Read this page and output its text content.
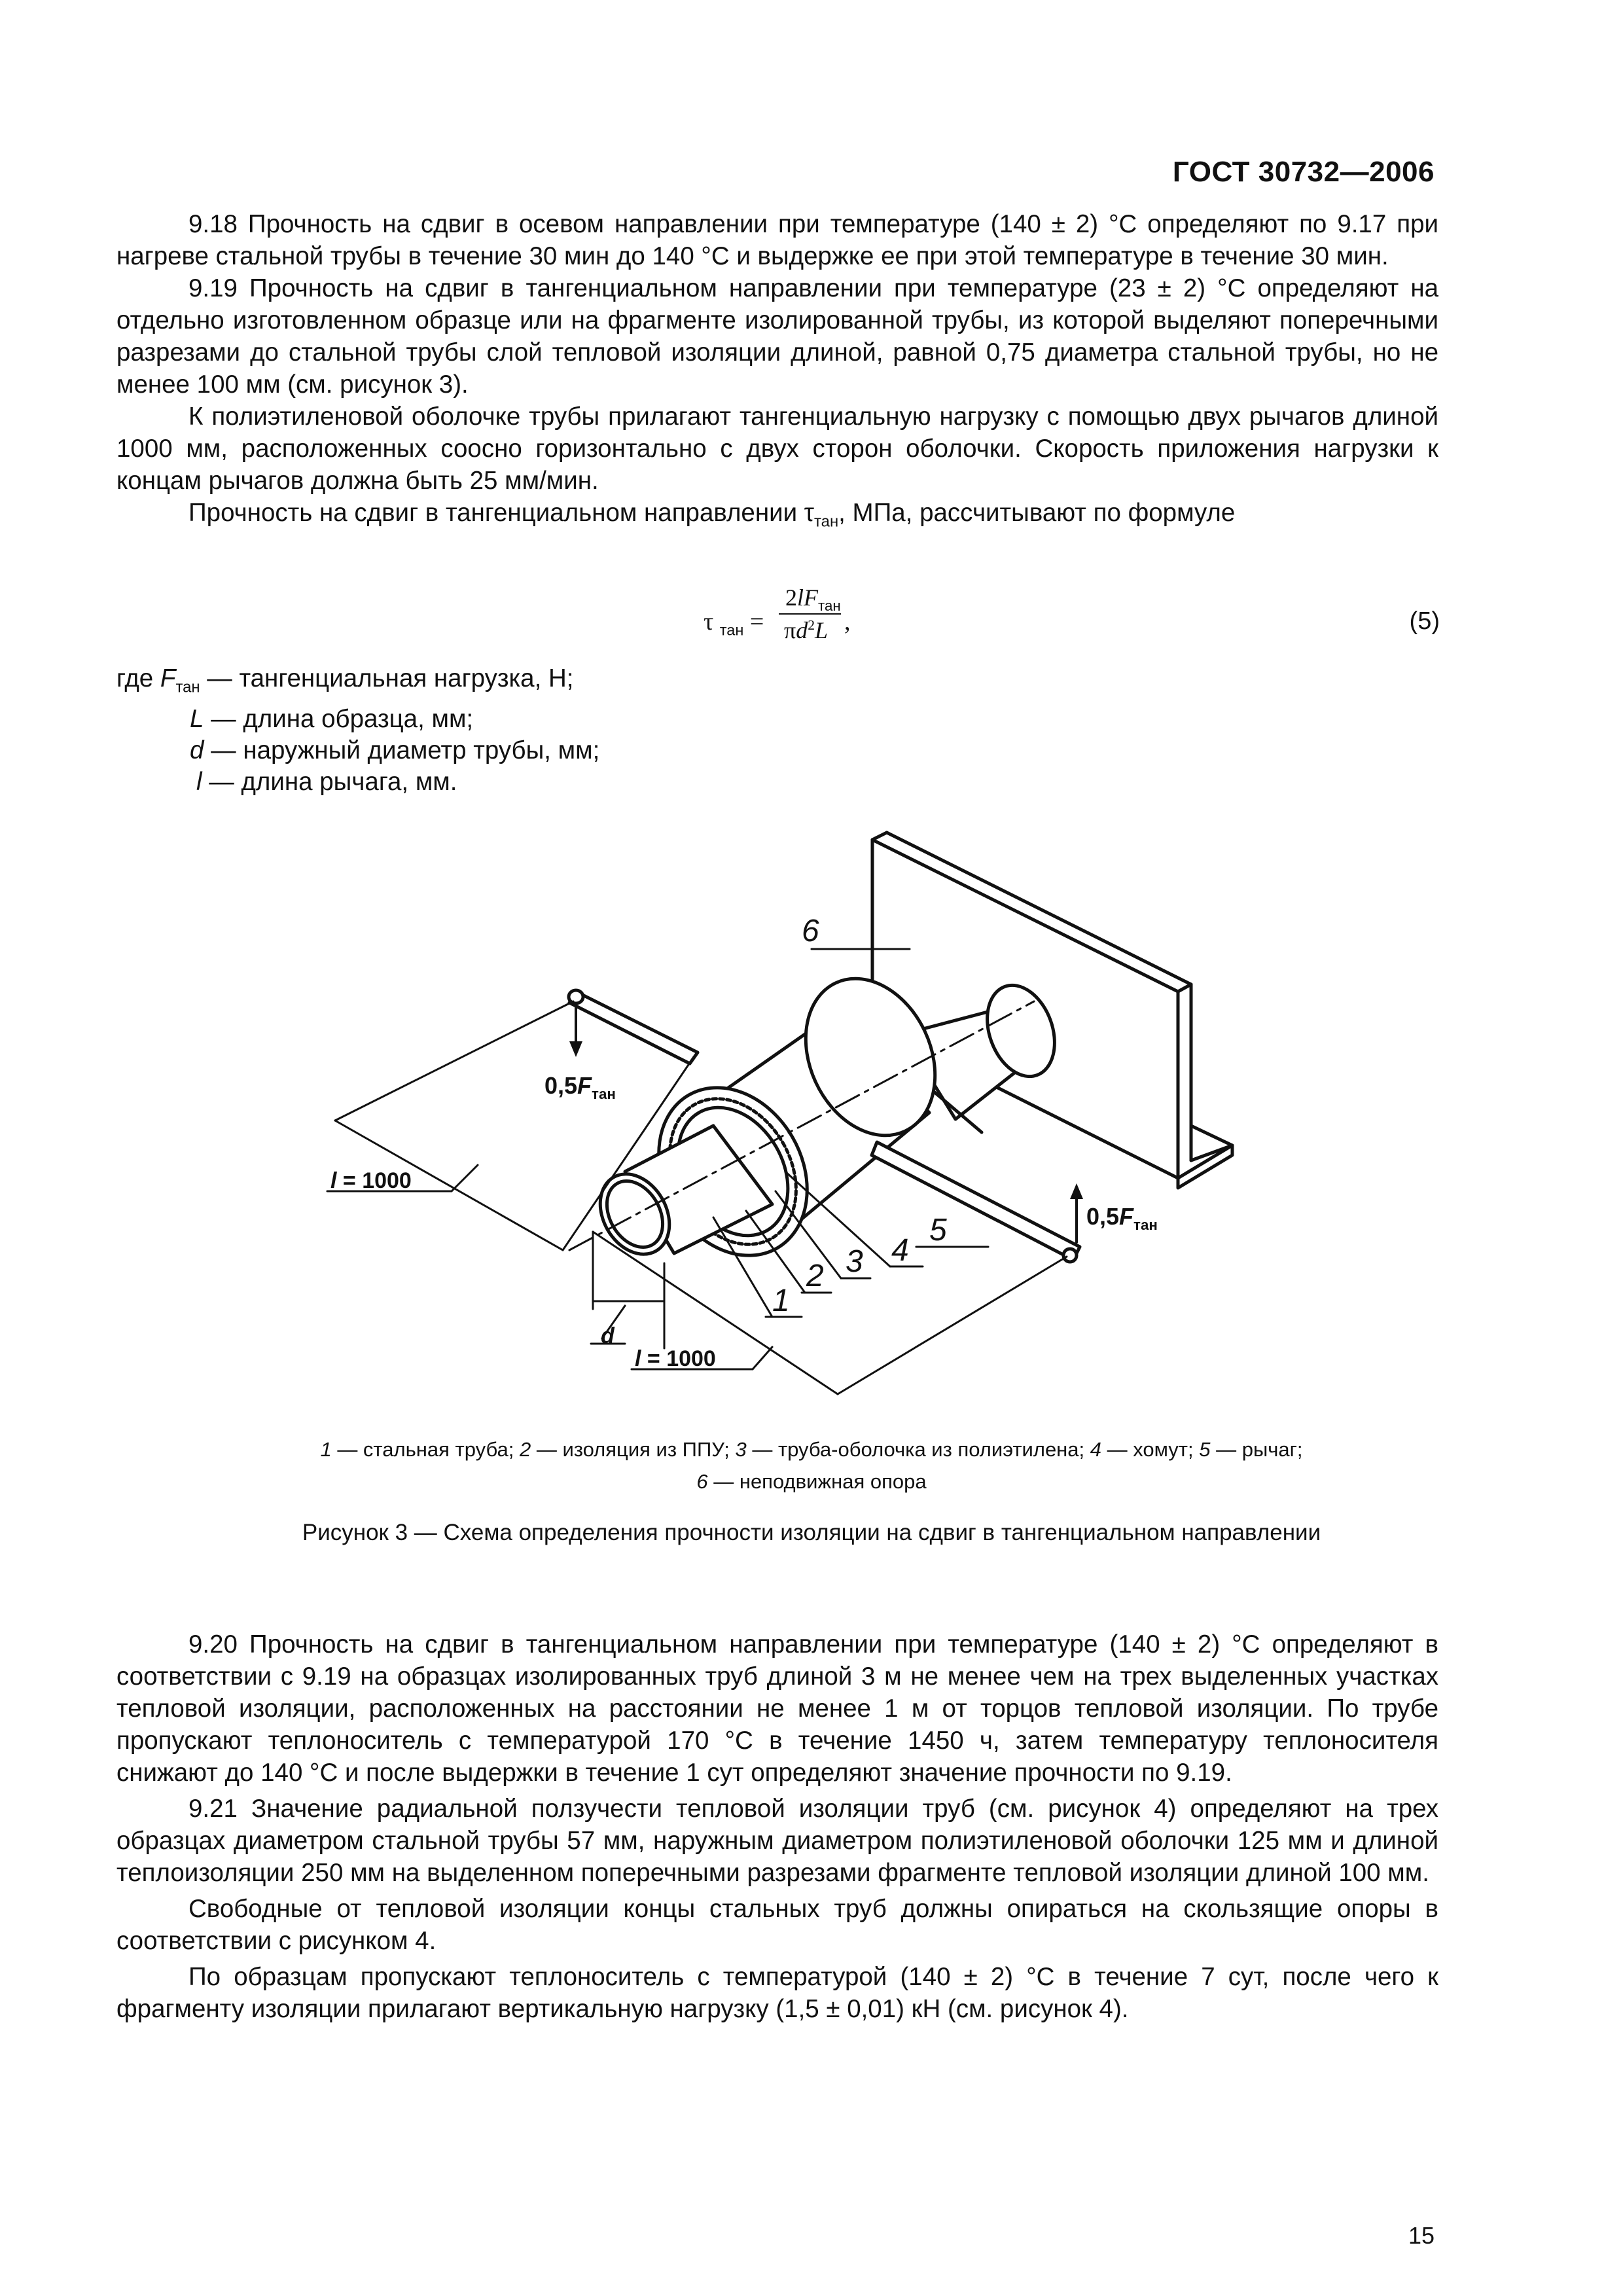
ГОСТ 30732—2006

9.18 Прочность на сдвиг в осевом направлении при температуре (140 ± 2) °С определяют по 9.17 при нагреве стальной трубы в течение 30 мин до 140 °С и выдержке ее при этой температуре в течение 30 мин.

9.19 Прочность на сдвиг в тангенциальном направлении при температуре (23 ± 2) °С определяют на отдельно изготовленном образце или на фрагменте изолированной трубы, из которой выделяют поперечными разрезами до стальной трубы слой тепловой изоляции длиной, равной 0,75 диаметра стальной трубы, но не менее 100 мм (см. рисунок 3).

К полиэтиленовой оболочке трубы прилагают тангенциальную нагрузку с помощью двух рычагов длиной 1000 мм, расположенных соосно горизонтально с двух сторон оболочки. Скорость приложения нагрузки к концам рычагов должна быть 25 мм/мин.

Прочность на сдвиг в тангенциальном направлении $\tau_{тан}$, МПа, рассчитывают по формуле

τ $_{тан}$ =
$2lF_{тан}$
$\pi d^2L$ ,	(5)
где $F_{тан}$ — тангенциальная нагрузка, Н;
L — длина образца, мм;
d — наружный диаметр трубы, мм;
l — длина рычага, мм.
1
2 3 4
5
6
$0,5F_{тан}$
$0,5F_{тан}$
l = 1000
l = 1000
d
1 — стальная труба; 2 — изоляция из ППУ; 3 — труба-оболочка из полиэтилена; 4 — хомут; 5 — рычаг;
6 — неподвижная опора
Рисунок 3 — Схема определения прочности изоляции на сдвиг в тангенциальном направлении

9.20 Прочность на сдвиг в тангенциальном направлении при температуре (140 ± 2) °С определяют в соответствии с 9.19 на образцах изолированных труб длиной 3 м не менее чем на трех выделенных участках тепловой изоляции, расположенных на расстоянии не менее 1 м от торцов тепловой изоляции. По трубе пропускают теплоноситель с температурой 170 °С в течение 1450 ч, затем температуру теплоносителя снижают до 140 °С и после выдержки в течение 1 сут определяют значение прочности по 9.19.

9.21 Значение радиальной ползучести тепловой изоляции труб (см. рисунок 4) определяют на трех образцах диаметром стальной трубы 57 мм, наружным диаметром полиэтиленовой оболочки 125 мм и длиной теплоизоляции 250 мм на выделенном поперечными разрезами фрагменте тепловой изоляции длиной 100 мм.

Свободные от тепловой изоляции концы стальных труб должны опираться на скользящие опоры в соответствии с рисунком 4.

По образцам пропускают теплоноситель с температурой (140 ± 2) °С в течение 7 сут, после чего к фрагменту изоляции прилагают вертикальную нагрузку (1,5 ± 0,01) кН (см. рисунок 4).

15
